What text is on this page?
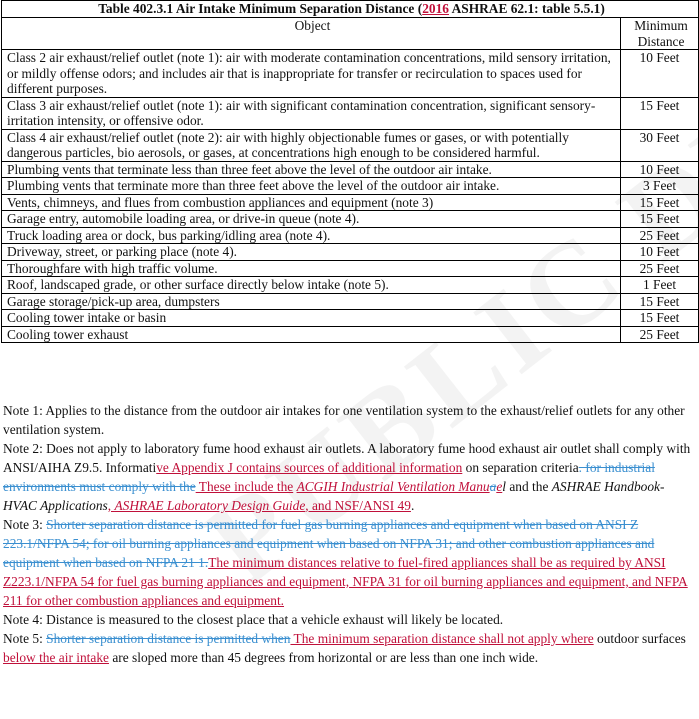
Table 402.3.1 Air Intake Minimum Separation Distance (2016 ASHRAE 62.1: table 5.5.1)	
Object	Minimum Distance
Class 2 air exhaust/relief outlet (note 1): air with moderate contamination concentrations, mild sensory irritation, or mildly offense odors; and includes air that is inappropriate for transfer or recirculation to spaces used for different purposes.	10 Feet
Class 3 air exhaust/relief outlet (note 1): air with significant contamination concentration, significant sensory-irritation intensity, or offensive odor.	15 Feet
Class 4 air exhaust/relief outlet (note 2): air with highly objectionable fumes or gases, or with potentially dangerous particles, bio aerosols, or gases, at concentrations high enough to be considered harmful.	30 Feet
Plumbing vents that terminate less than three feet above the level of the outdoor air intake.	10 Feet
Plumbing vents that terminate more than three feet above the level of the outdoor air intake.	3 Feet
Vents, chimneys, and flues from combustion appliances and equipment (note 3)	15 Feet
Garage entry, automobile loading area, or drive-in queue (note 4).	15 Feet
Truck loading area or dock, bus parking/idling area (note 4).	25 Feet
Driveway, street, or parking place (note 4).	10 Feet
Thoroughfare with high traffic volume.	25 Feet
Roof, landscaped grade, or other surface directly below intake (note 5).	1 Feet
Garage storage/pick-up area, dumpsters	15 Feet
Cooling tower intake or basin	15 Feet
Cooling tower exhaust	25 Feet

Note 1: Applies to the distance from the outdoor air intakes for one ventilation system to the exhaust/relief outlets for any other ventilation system.

Note 2: Does not apply to laboratory fume hood exhaust air outlets. A laboratory fume hood exhaust air outlet shall comply with ANSI/AIHA Z9.5. Informative Appendix J contains sources of additional information on separation criteria. for industrial environments must comply with the These include the ACGIH Industrial Ventilation Manuael and the ASHRAE Handbook-HVAC Applications, ASHRAE Laboratory Design Guide, and NSF/ANSI 49.

Note 3: Shorter separation distance is permitted for fuel gas burning appliances and equipment when based on ANSI Z 223.1/NFPA 54; for oil burning appliances and equipment when based on NFPA 31; and other combustion appliances and equipment when based on NFPA 21 1.The minimum distances relative to fuel-fired appliances shall be as required by ANSI Z223.1/NFPA 54 for fuel gas burning appliances and equipment, NFPA 31 for oil burning appliances and equipment, and NFPA 211 for other combustion appliances and equipment.

Note 4: Distance is measured to the closest place that a vehicle exhaust will likely be located.

Note 5: Shorter separation distance is permitted when The minimum separation distance shall not apply where outdoor surfaces below the air intake are sloped more than 45 degrees from horizontal or are less than one inch wide.
